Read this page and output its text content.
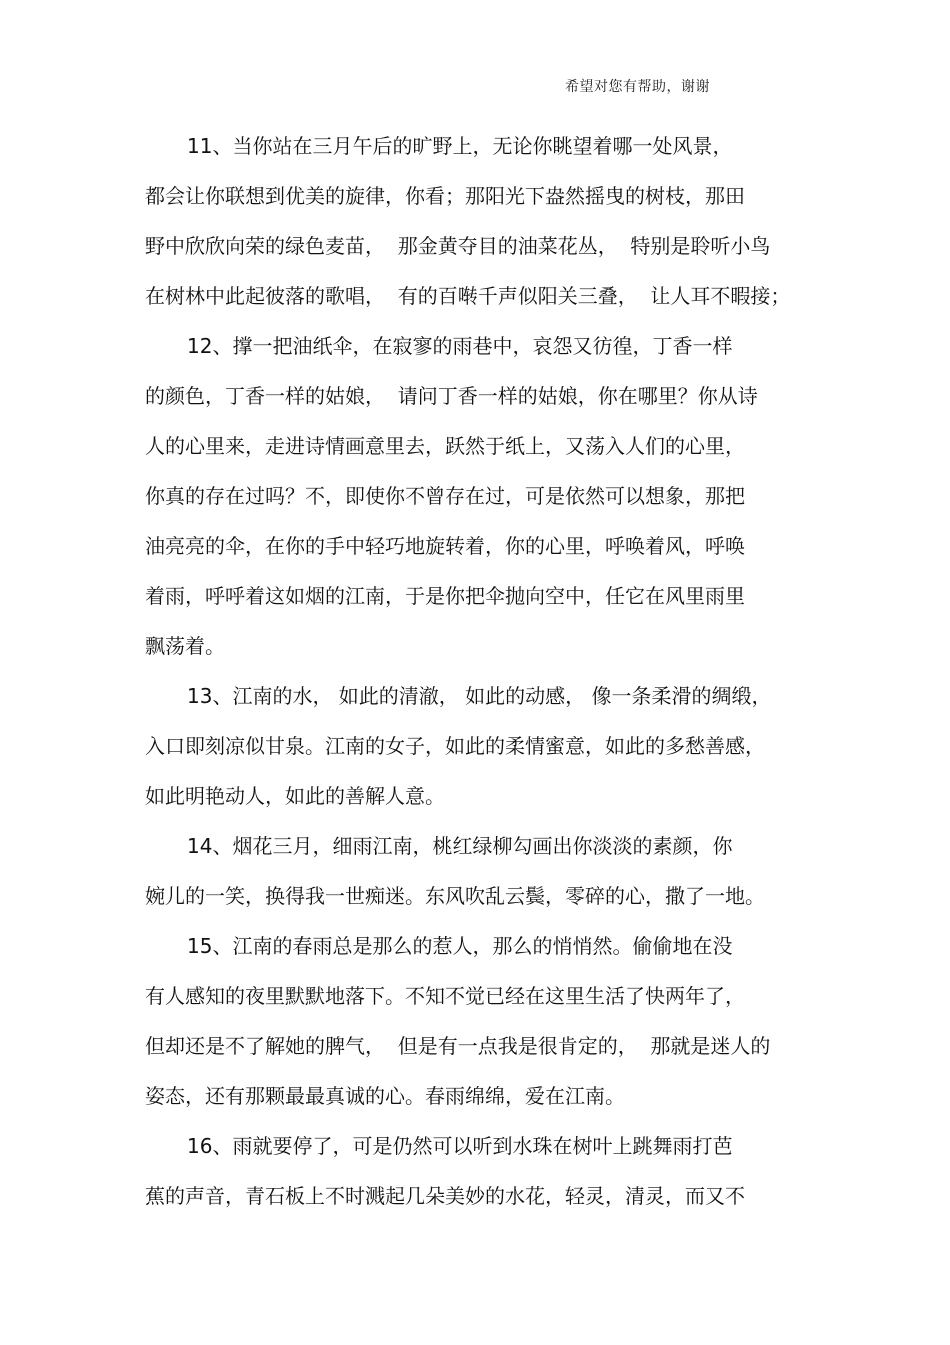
希望对您有帮助，谢谢
11、当你站在三月午后的旷野上，无论你眺望着哪一处风景，
都会让你联想到优美的旋律，你看；那阳光下盎然摇曳的树枝，那田
野中欣欣向荣的绿色麦苗，  那金黄夺目的油菜花丛，  特别是聆听小鸟
在树林中此起彼落的歌唱，  有的百啭千声似阳关三叠，  让人耳不暇接；
12、撑一把油纸伞，在寂寥的雨巷中，哀怨又彷徨，丁香一样
的颜色，丁香一样的姑娘，  请问丁香一样的姑娘，你在哪里？你从诗
人的心里来，走进诗情画意里去，跃然于纸上，又荡入人们的心里，
你真的存在过吗？不，即使你不曾存在过，可是依然可以想象，那把
油亮亮的伞，在你的手中轻巧地旋转着，你的心里，呼唤着风，呼唤
着雨，呼呼着这如烟的江南，于是你把伞抛向空中，任它在风里雨里
飘荡着。
13、江南的水， 如此的清澈， 如此的动感， 像一条柔滑的绸缎，
入口即刻凉似甘泉。江南的女子，如此的柔情蜜意，如此的多愁善感，
如此明艳动人，如此的善解人意。
14、烟花三月，细雨江南，桃红绿柳勾画出你淡淡的素颜，你
婉儿的一笑，换得我一世痴迷。东风吹乱云鬓，零碎的心，撒了一地。
15、江南的春雨总是那么的惹人，那么的悄悄然。偷偷地在没
有人感知的夜里默默地落下。不知不觉已经在这里生活了快两年了，
但却还是不了解她的脾气，  但是有一点我是很肯定的，  那就是迷人的
姿态，还有那颗最最真诚的心。春雨绵绵，爱在江南。
16、雨就要停了，可是仍然可以听到水珠在树叶上跳舞雨打芭
蕉的声音，青石板上不时溅起几朵美妙的水花，轻灵，清灵，而又不
